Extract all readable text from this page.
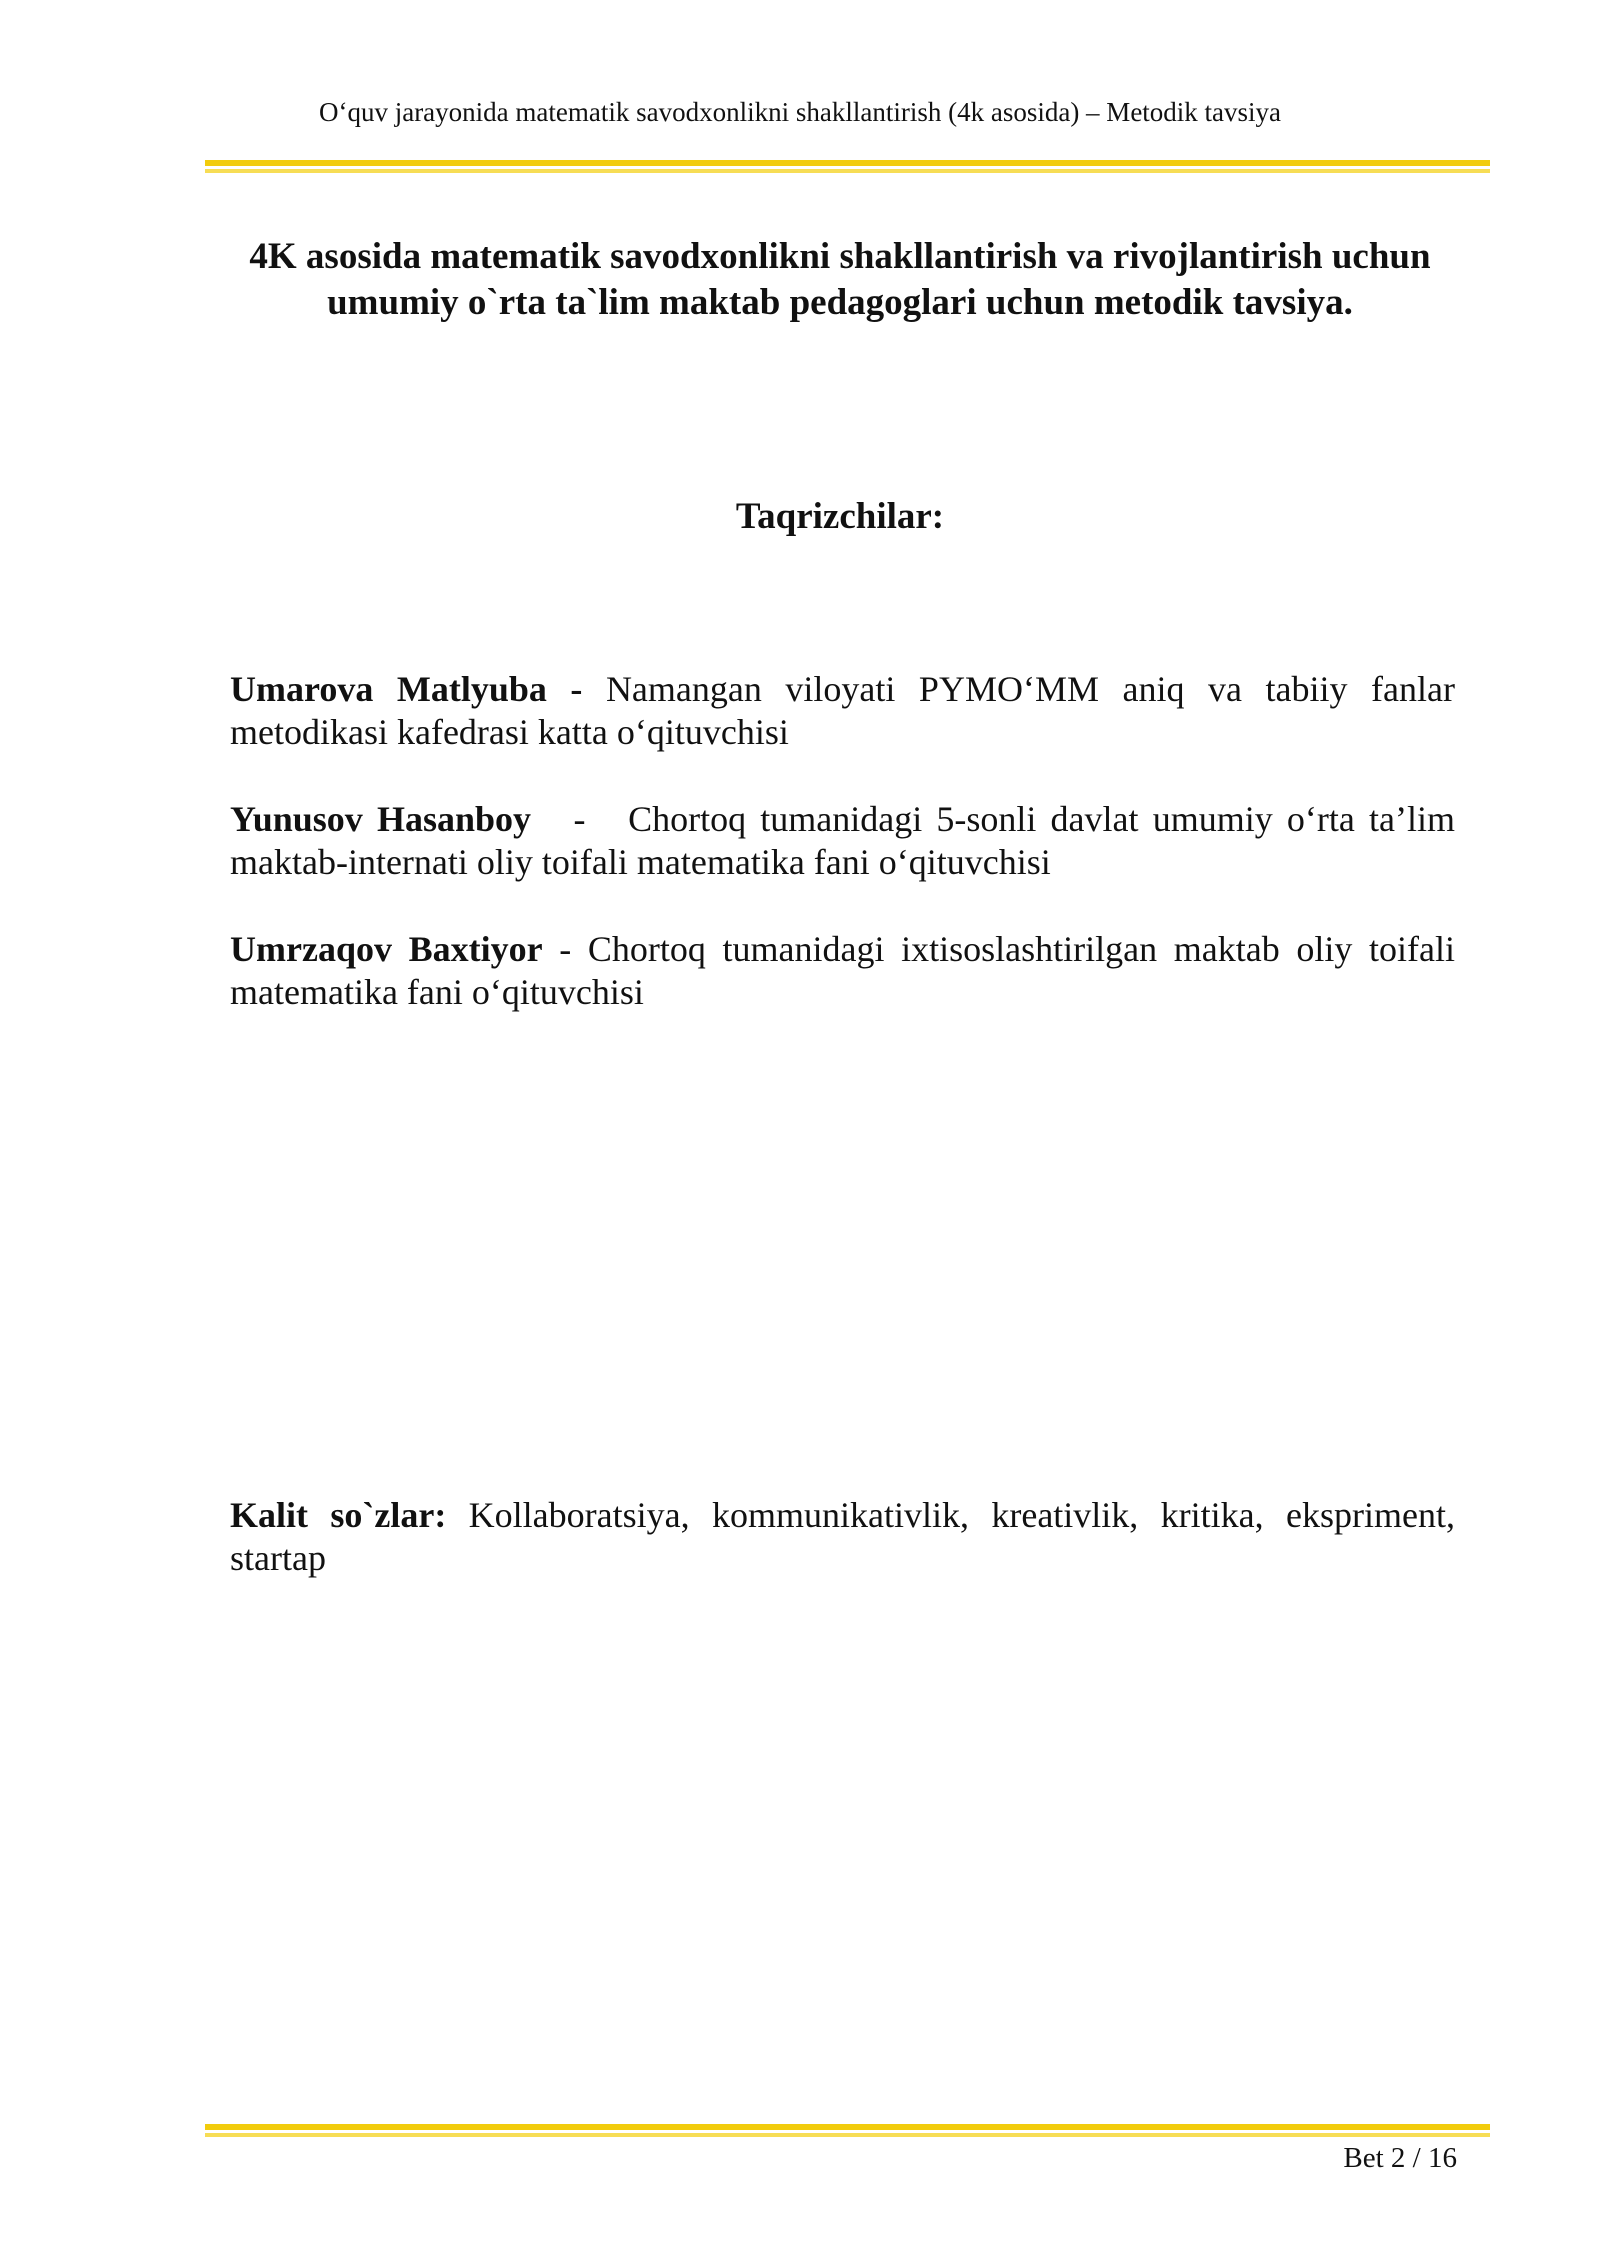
O‘quv jarayonida matematik savodxonlikni shakllantirish (4k asosida) – Metodik tavsiya
4K asosida matematik savodxonlikni shakllantirish va rivojlantirish uchun
umumiy o`rta ta`lim maktab pedagoglari uchun metodik tavsiya.
Taqrizchilar:

Umarova Matlyuba - Namangan viloyati PYMO‘MM aniq va tabiiy fanlar metodikasi kafedrasi katta o‘qituvchisi

Yunusov Hasanboy   -   Chortoq tumanidagi 5-sonli davlat umumiy o‘rta ta’lim maktab-internati oliy toifali matematika fani o‘qituvchisi

Umrzaqov Baxtiyor - Chortoq tumanidagi ixtisoslashtirilgan maktab oliy toifali matematika fani o‘qituvchisi

Kalit so`zlar: Kollaboratsiya, kommunikativlik, kreativlik, kritika, ekspriment, startap

Bet 2 / 16
